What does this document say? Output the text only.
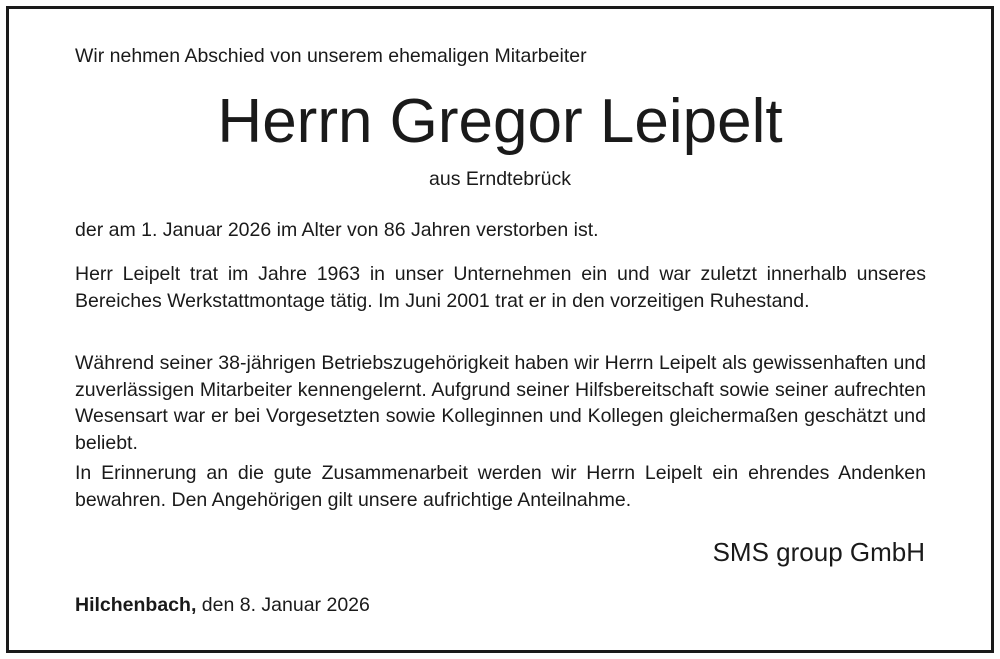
Wir nehmen Abschied von unserem ehemaligen Mitarbeiter
Herrn Gregor Leipelt
aus Erndtebrück
der am 1. Januar 2026 im Alter von 86 Jahren verstorben ist.

Herr Leipelt trat im Jahre 1963 in unser Unternehmen ein und war zuletzt innerhalb unseres Bereiches Werkstattmontage tätig. Im Juni 2001 trat er in den vorzeitigen Ruhestand.

Während seiner 38-jährigen Betriebszugehörigkeit haben wir Herrn Leipelt als gewissenhaften und zuverlässigen Mitarbeiter kennengelernt. Aufgrund seiner Hilfsbereitschaft sowie seiner aufrechten Wesensart war er bei Vorgesetzten sowie Kolleginnen und Kollegen gleichermaßen geschätzt und beliebt.

In Erinnerung an die gute Zusammenarbeit werden wir Herrn Leipelt ein ehrendes Andenken bewahren. Den Angehörigen gilt unsere aufrichtige Anteilnahme.

SMS group GmbH
Hilchenbach, den 8. Januar 2026
